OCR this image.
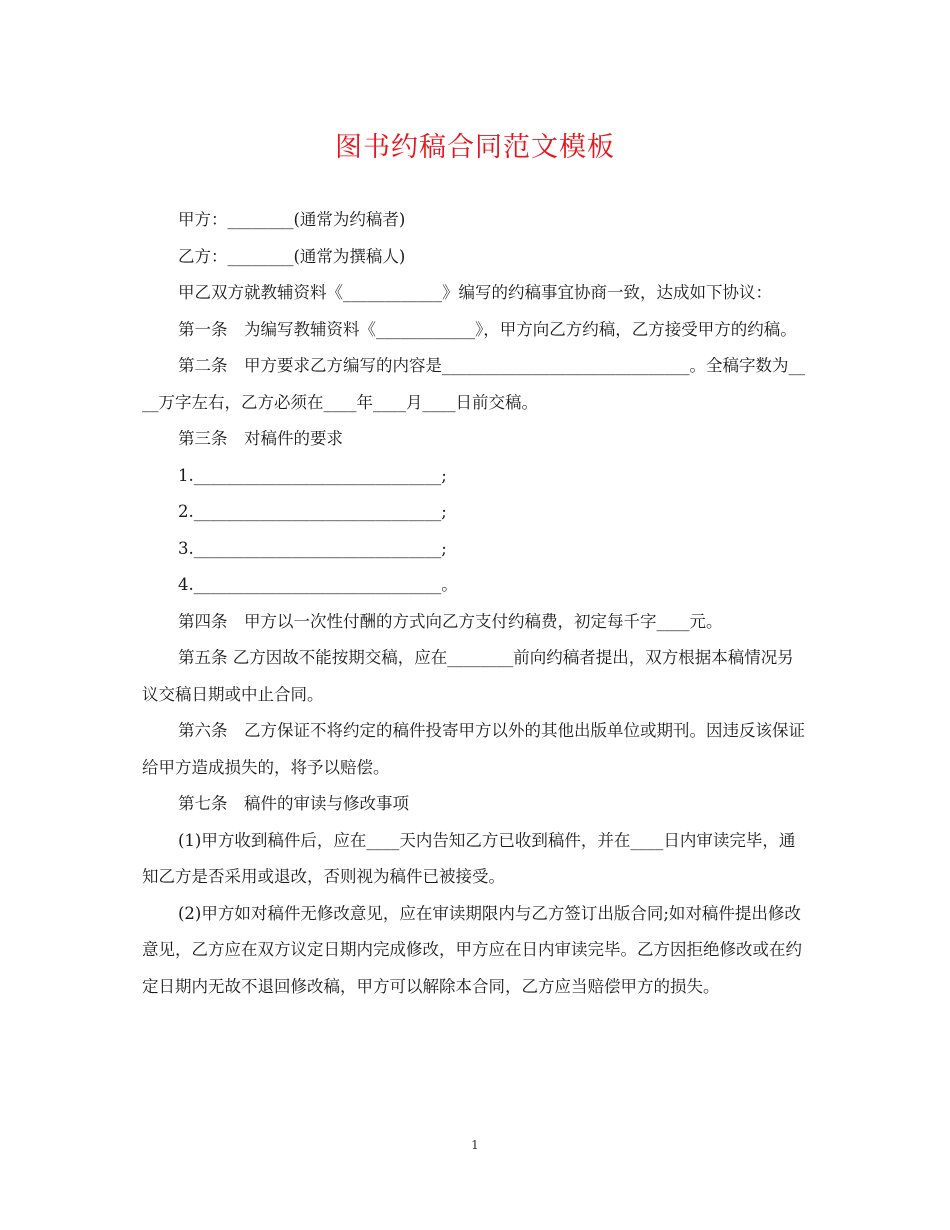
图书约稿合同范文模板

甲方：________(通常为约稿者)

乙方：________(通常为撰稿人)

甲乙双方就教辅资料《____________》编写的约稿事宜协商一致，达成如下协议：

第一条　为编写教辅资料《____________》，甲方向乙方约稿，乙方接受甲方的约稿。

第二条　甲方要求乙方编写的内容是______________________________。全稿字数为____万字左右，乙方必须在____年____月____日前交稿。

第三条　对稿件的要求

1.______________________________;

2.______________________________;

3.______________________________;

4.______________________________。

第四条　甲方以一次性付酬的方式向乙方支付约稿费，初定每千字____元。

第五条 乙方因故不能按期交稿，应在________前向约稿者提出，双方根据本稿情况另议交稿日期或中止合同。

第六条　乙方保证不将约定的稿件投寄甲方以外的其他出版单位或期刊。因违反该保证给甲方造成损失的，将予以赔偿。

第七条　稿件的审读与修改事项

(1)甲方收到稿件后，应在____天内告知乙方已收到稿件，并在____日内审读完毕，通知乙方是否采用或退改，否则视为稿件已被接受。

(2)甲方如对稿件无修改意见，应在审读期限内与乙方签订出版合同;如对稿件提出修改意见，乙方应在双方议定日期内完成修改，甲方应在日内审读完毕。乙方因拒绝修改或在约定日期内无故不退回修改稿，甲方可以解除本合同，乙方应当赔偿甲方的损失。

1
